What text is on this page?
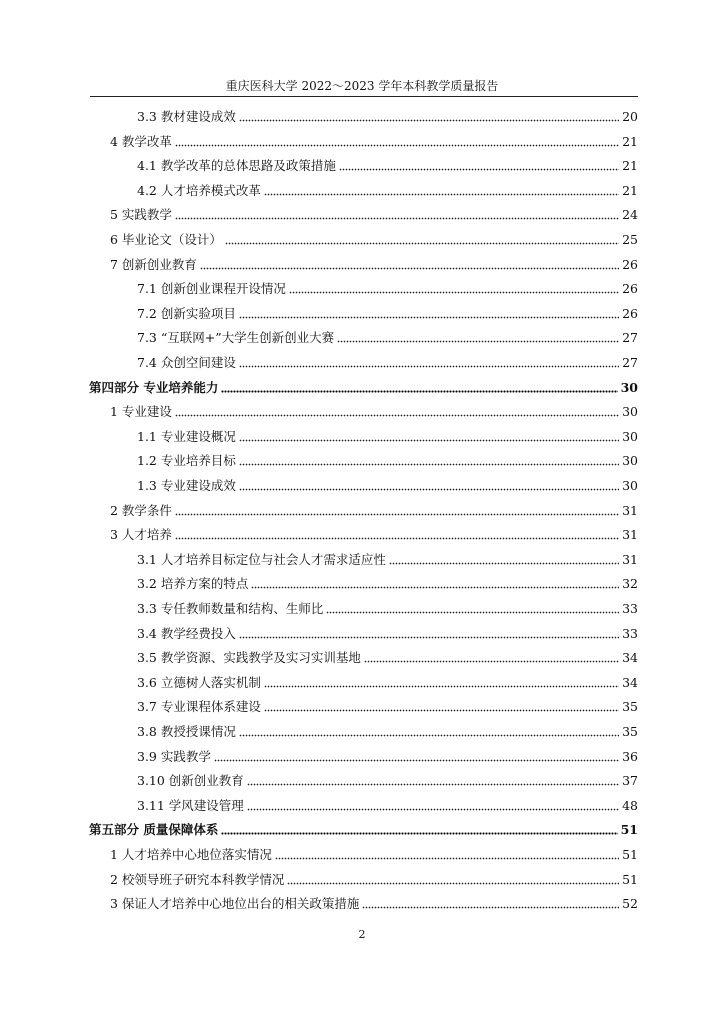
重庆医科大学 2022～2023 学年本科教学质量报告
3.3 教材建设成效	20
4 教学改革	21
4.1 教学改革的总体思路及政策措施	21
4.2 人才培养模式改革	21
5 实践教学	24
6 毕业论文（设计）	25
7 创新创业教育	26
7.1 创新创业课程开设情况	26
7.2 创新实验项目	26
7.3 “互联网+”大学生创新创业大赛	27
7.4 众创空间建设	27
第四部分 专业培养能力	30
1 专业建设	30
1.1 专业建设概况	30
1.2 专业培养目标	30
1.3 专业建设成效	30
2 教学条件	31
3 人才培养	31
3.1 人才培养目标定位与社会人才需求适应性	31
3.2 培养方案的特点	32
3.3 专任教师数量和结构、生师比	33
3.4 教学经费投入	33
3.5 教学资源、实践教学及实习实训基地	34
3.6 立德树人落实机制	34
3.7 专业课程体系建设	35
3.8 教授授课情况	35
3.9 实践教学	36
3.10 创新创业教育	37
3.11 学风建设管理	48
第五部分 质量保障体系	51
1 人才培养中心地位落实情况	51
2 校领导班子研究本科教学情况	51
3 保证人才培养中心地位出台的相关政策措施	52
2
